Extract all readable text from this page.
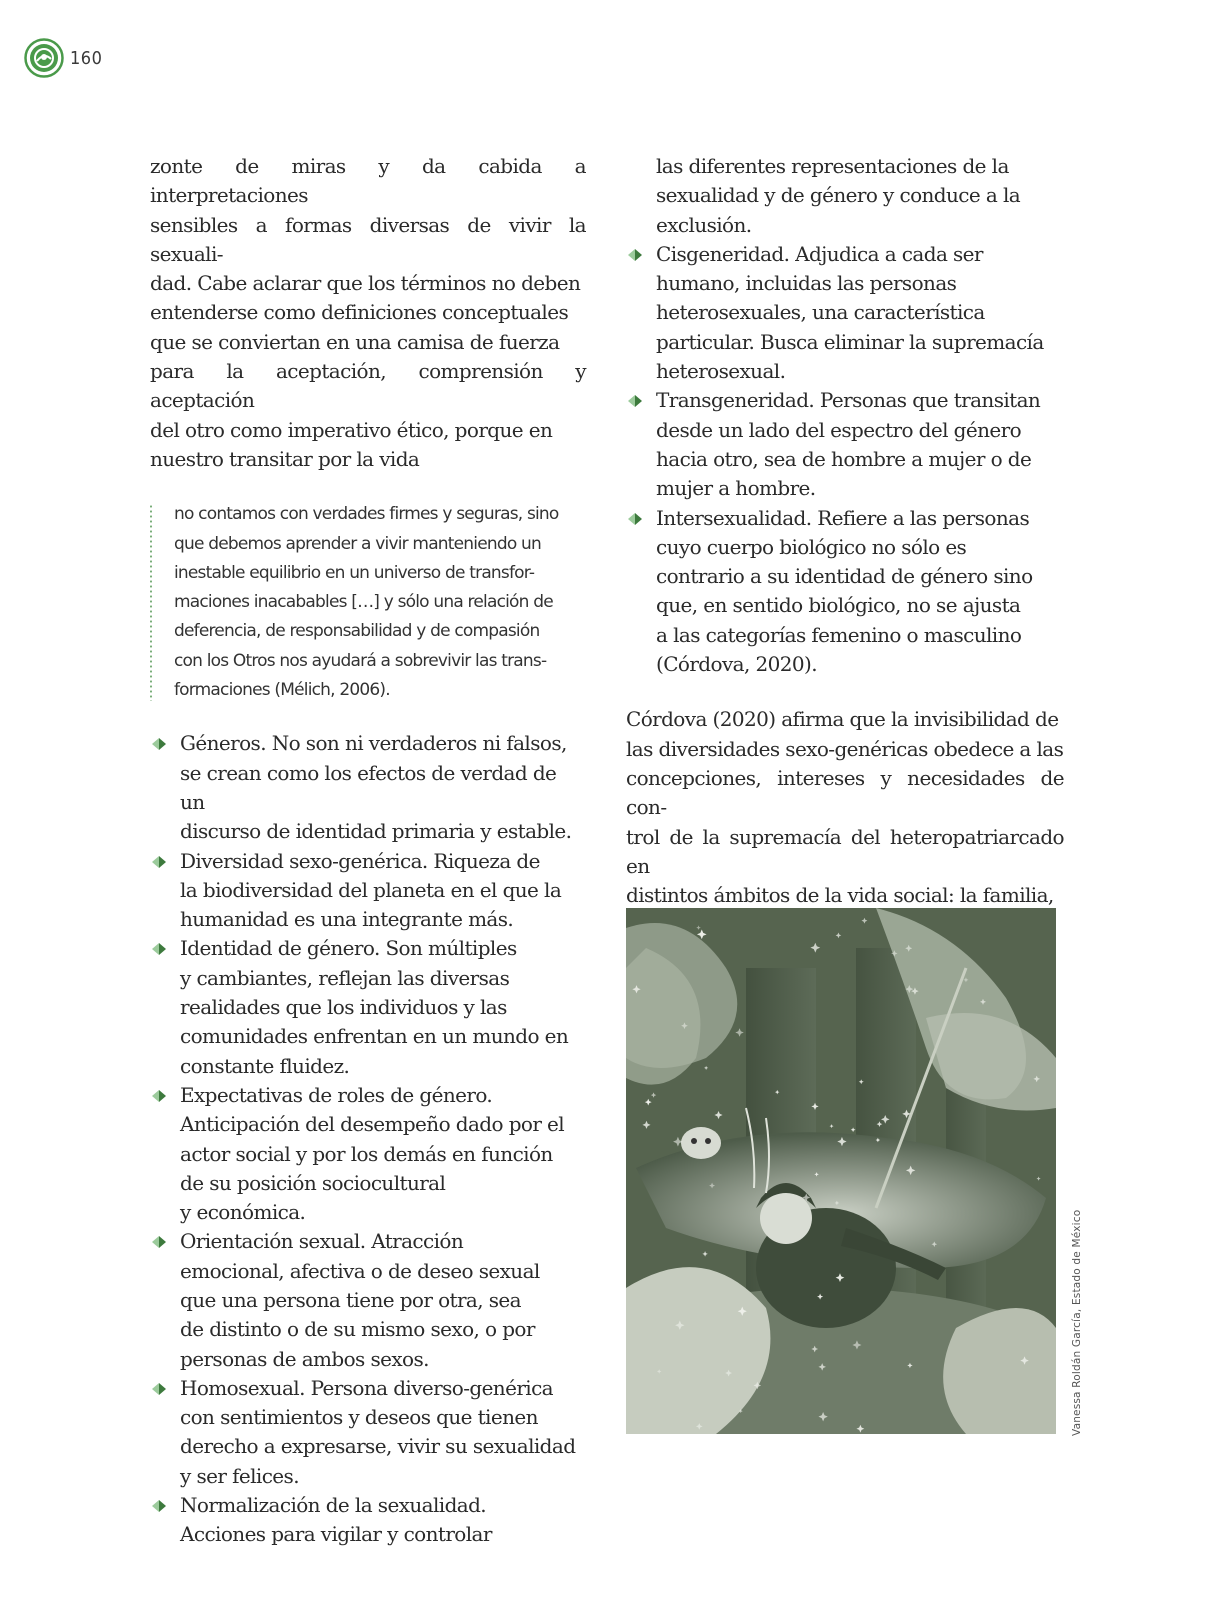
160

zonte de miras y da cabida a interpretaciones
sensibles a formas diversas de vivir la sexuali-
dad. Cabe aclarar que los términos no deben
entenderse como definiciones conceptuales
que se conviertan en una camisa de fuerza
para la aceptación, comprensión y aceptación
del otro como imperativo ético, porque en
nuestro transitar por la vida

no contamos con verdades firmes y seguras, sino
que debemos aprender a vivir manteniendo un
inestable equilibrio en un universo de transfor-
maciones inacabables […] y sólo una relación de
deferencia, de responsabilidad y de compasión
con los Otros nos ayudará a sobrevivir las trans-
formaciones (Mélich, 2006).
Géneros. No son ni verdaderos ni falsos,
se crean como los efectos de verdad de un
discurso de identidad primaria y estable.
Diversidad sexo-genérica. Riqueza de
la biodiversidad del planeta en el que la
humanidad es una integrante más.
Identidad de género. Son múltiples
y cambiantes, reflejan las diversas
realidades que los individuos y las
comunidades enfrentan en un mundo en
constante fluidez.
Expectativas de roles de género.
Anticipación del desempeño dado por el
actor social y por los demás en función
de su posición sociocultural
y económica.
Orientación sexual. Atracción
emocional, afectiva o de deseo sexual
que una persona tiene por otra, sea
de distinto o de su mismo sexo, o por
personas de ambos sexos.
Homosexual. Persona diverso-genérica
con sentimientos y deseos que tienen
derecho a expresarse, vivir su sexualidad
y ser felices.
Normalización de la sexualidad.
Acciones para vigilar y controlar

las diferentes representaciones de la
sexualidad y de género y conduce a la
exclusión.

Cisgeneridad. Adjudica a cada ser
humano, incluidas las personas
heterosexuales, una característica
particular. Busca eliminar la supremacía
heterosexual.
Transgeneridad. Personas que transitan
desde un lado del espectro del género
hacia otro, sea de hombre a mujer o de
mujer a hombre.
Intersexualidad. Refiere a las personas
cuyo cuerpo biológico no sólo es
contrario a su identidad de género sino
que, en sentido biológico, no se ajusta
a las categorías femenino o masculino
(Córdova, 2020).

Córdova (2020) afirma que la invisibilidad de
las diversidades sexo-genéricas obedece a las
concepciones, intereses y necesidades de con-
trol de la supremacía del heteropatriarcado en
distintos ámbitos de la vida social: la familia,

Vanessa Roldán García, Estado de México
